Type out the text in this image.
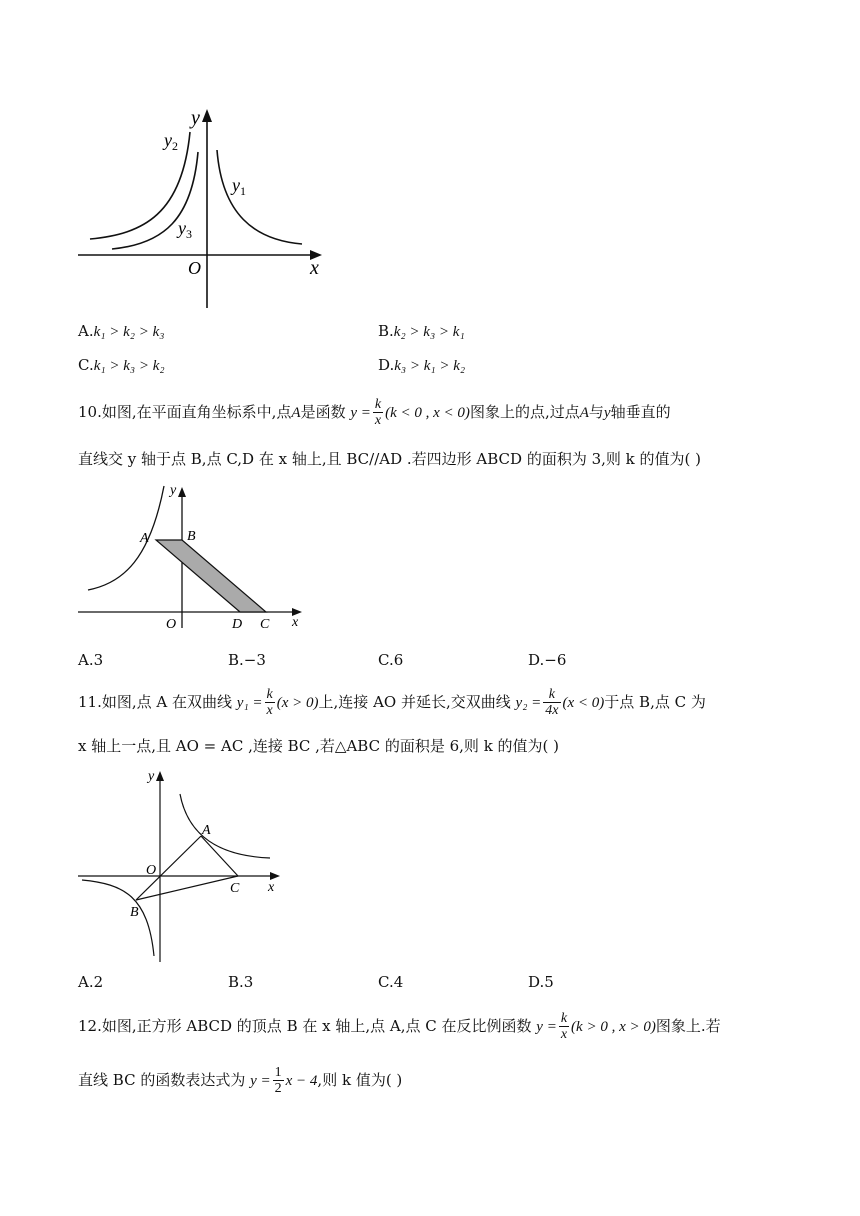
y
x
O
$y_2$
$y_1$
$y_3$
A.k₁ > k₂ > k₃	B.k₂ > k₃ > k₁
C.k₁ > k₃ > k₂	D.k₃ > k₁ > k₂
10.如图,在平面直角坐标系中,点A是函数 $y = \frac{k}{x} (k < 0$ , x < 0)图象上的点,过点A与y轴垂直的
直线交 y 轴于点 B,点 C,D 在 x 轴上,且 BC//AD .若四边形 ABCD 的面积为 3,则 k 的值为( )
y
x
O
A	B
D C
A.3	B.−3	C.6	D.−6
11.如图,点 A 在双曲线 $y_1 = \frac{k}{x} (x > 0)$上,连接 AO 并延长,交双曲线 $y_2 = \frac{k}{4x} (x < 0)$于点 B,点 C 为
x 轴上一点,且 AO = AC ,连接 BC ,若△ABC 的面积是 6,则 k 的值为( )
y
x
O
A
B
C
A.2	B.3	C.4	D.5
12.如图,正方形 ABCD 的顶点 B 在 x 轴上,点 A,点 C 在反比例函数 $y = \frac{k}{x} (k > 0$ , x > 0)图象上.若
直线 BC 的函数表达式为 $y = \frac{1}{2}$ x − 4,则 k 值为( )
